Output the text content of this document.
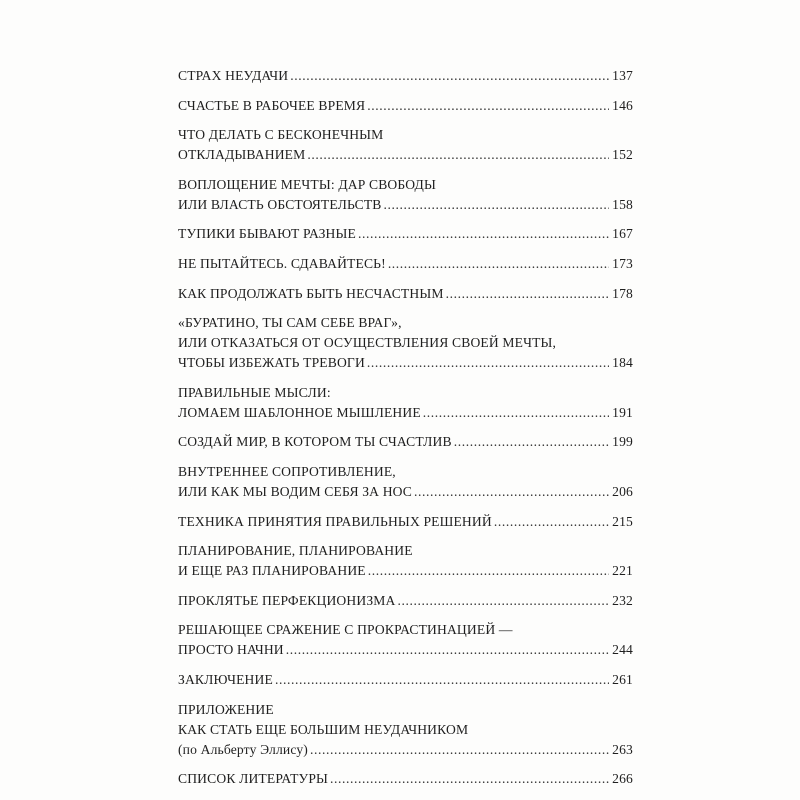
СТРАХ НЕУДАЧИ .....	137
СЧАСТЬЕ В РАБОЧЕЕ ВРЕМЯ .....	146
ЧТО ДЕЛАТЬ С БЕСКОНЕЧНЫМ
ОТКЛАДЫВАНИЕМ .....	152
ВОПЛОЩЕНИЕ МЕЧТЫ: ДАР СВОБОДЫ
ИЛИ ВЛАСТЬ ОБСТОЯТЕЛЬСТВ .....	158
ТУПИКИ БЫВАЮТ РАЗНЫЕ .....	167
НЕ ПЫТАЙТЕСЬ. СДАВАЙТЕСЬ! .....	173
КАК ПРОДОЛЖАТЬ БЫТЬ НЕСЧАСТНЫМ .....	178
«БУРАТИНО, ТЫ САМ СЕБЕ ВРАГ»,
ИЛИ ОТКАЗАТЬСЯ ОТ ОСУЩЕСТВЛЕНИЯ СВОЕЙ МЕЧТЫ,
ЧТОБЫ ИЗБЕЖАТЬ ТРЕВОГИ .....	184
ПРАВИЛЬНЫЕ МЫСЛИ:
ЛОМАЕМ ШАБЛОННОЕ МЫШЛЕНИЕ .....	191
СОЗДАЙ МИР, В КОТОРОМ ТЫ СЧАСТЛИВ .....	199
ВНУТРЕННЕЕ СОПРОТИВЛЕНИЕ,
ИЛИ КАК МЫ ВОДИМ СЕБЯ ЗА НОС .....	206
ТЕХНИКА ПРИНЯТИЯ ПРАВИЛЬНЫХ РЕШЕНИЙ .....	215
ПЛАНИРОВАНИЕ, ПЛАНИРОВАНИЕ
И ЕЩЕ РАЗ ПЛАНИРОВАНИЕ .....	221
ПРОКЛЯТЬЕ ПЕРФЕКЦИОНИЗМА .....	232
РЕШАЮЩЕЕ СРАЖЕНИЕ С ПРОКРАСТИНАЦИЕЙ —
ПРОСТО НАЧНИ .....	244
ЗАКЛЮЧЕНИЕ .....	261
ПРИЛОЖЕНИЕ
КАК СТАТЬ ЕЩЕ БОЛЬШИМ НЕУДАЧНИКОМ
(по Альберту Эллису) .....	263
СПИСОК ЛИТЕРАТУРЫ .....	266
